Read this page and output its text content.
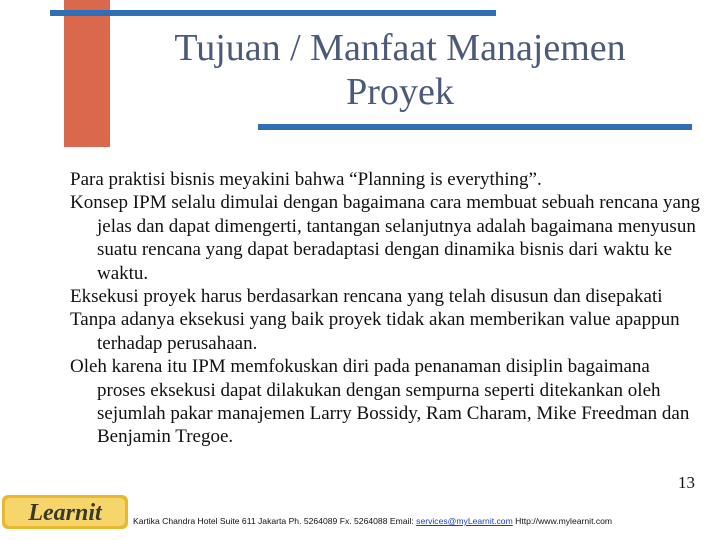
Tujuan / Manfaat Manajemen
Proyek

Para praktisi bisnis meyakini bahwa “Planning is everything”.

Konsep IPM selalu dimulai dengan bagaimana cara membuat sebuah rencana yang jelas dan dapat dimengerti, tantangan selanjutnya adalah bagaimana menyusun suatu rencana yang dapat beradaptasi dengan dinamika bisnis dari waktu ke waktu.

Eksekusi proyek harus berdasarkan rencana yang telah disusun dan disepakati

Tanpa adanya eksekusi yang baik proyek tidak akan memberikan value apappun terhadap perusahaan.

Oleh karena itu IPM memfokuskan diri pada penanaman disiplin bagaimana proses eksekusi dapat dilakukan dengan sempurna seperti ditekankan oleh sejumlah pakar manajemen Larry Bossidy, Ram Charam, Mike Freedman dan Benjamin Tregoe.

13
Learnit	Kartika Chandra Hotel Suite 611 Jakarta Ph. 5264089 Fx. 5264088 Email: services@myLearnit.com Http://www.mylearnit.com
